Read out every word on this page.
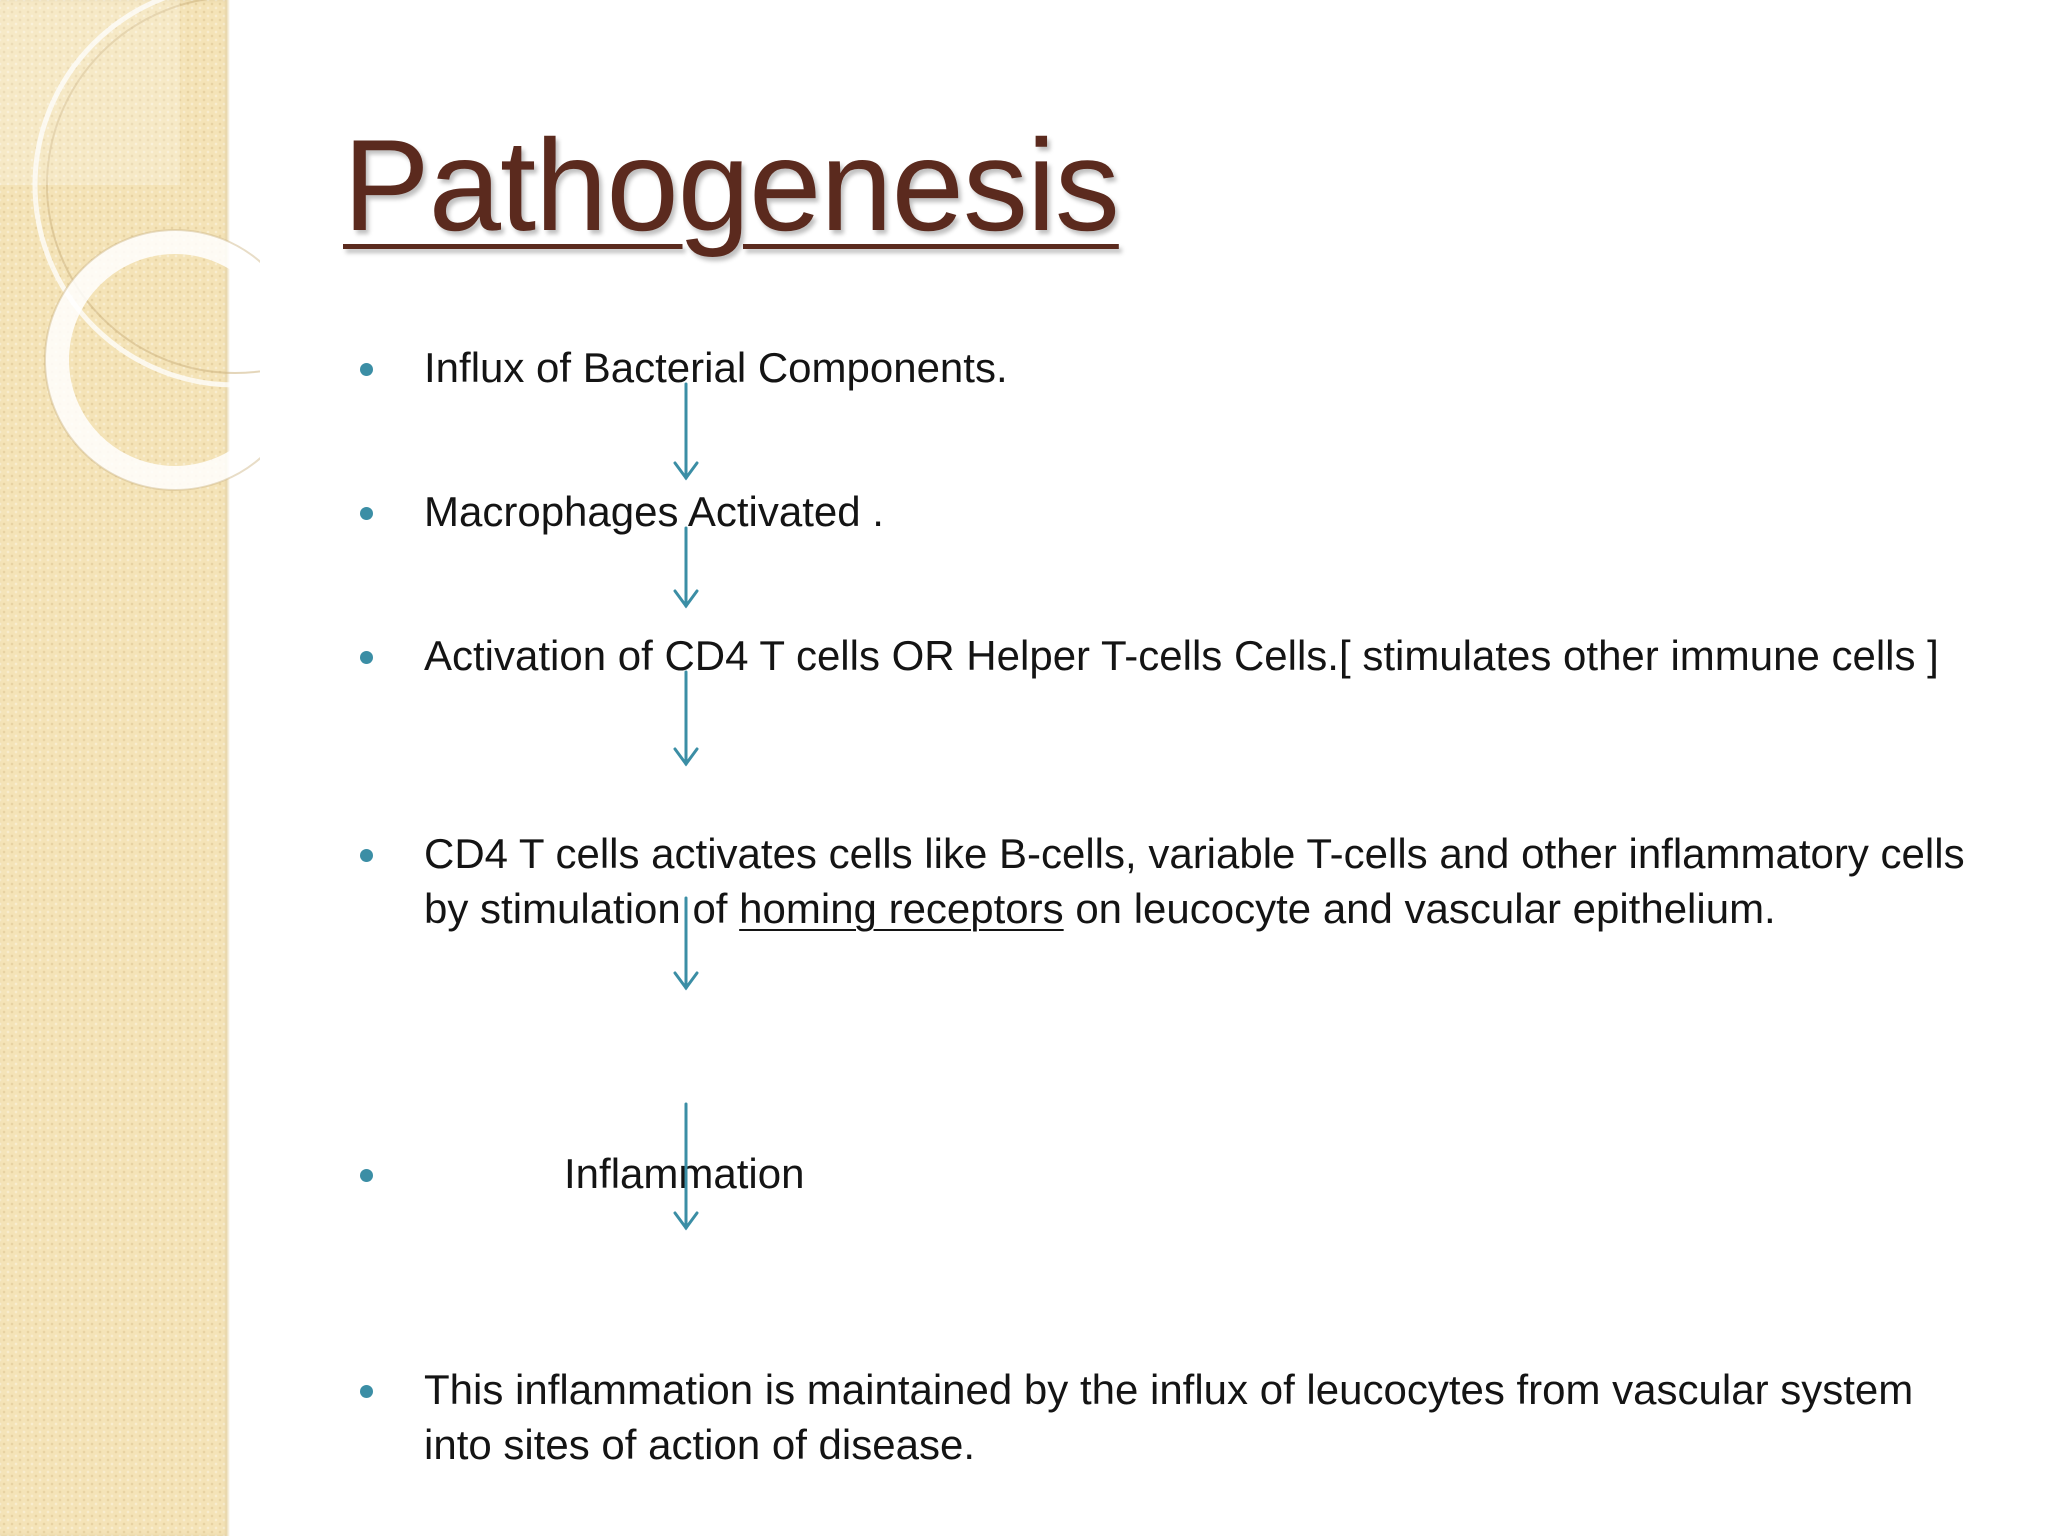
Pathogenesis
Influx of Bacterial Components.
Macrophages Activated .
Activation of CD4 T cells OR Helper T-cells Cells.[ stimulates other immune cells ]
CD4 T cells activates cells like B-cells, variable T-cells and other inflammatory cells by stimulation of homing receptors on leucocyte and vascular epithelium.
Inflammation
This inflammation is maintained by the influx of leucocytes from vascular system into sites of action of disease.
